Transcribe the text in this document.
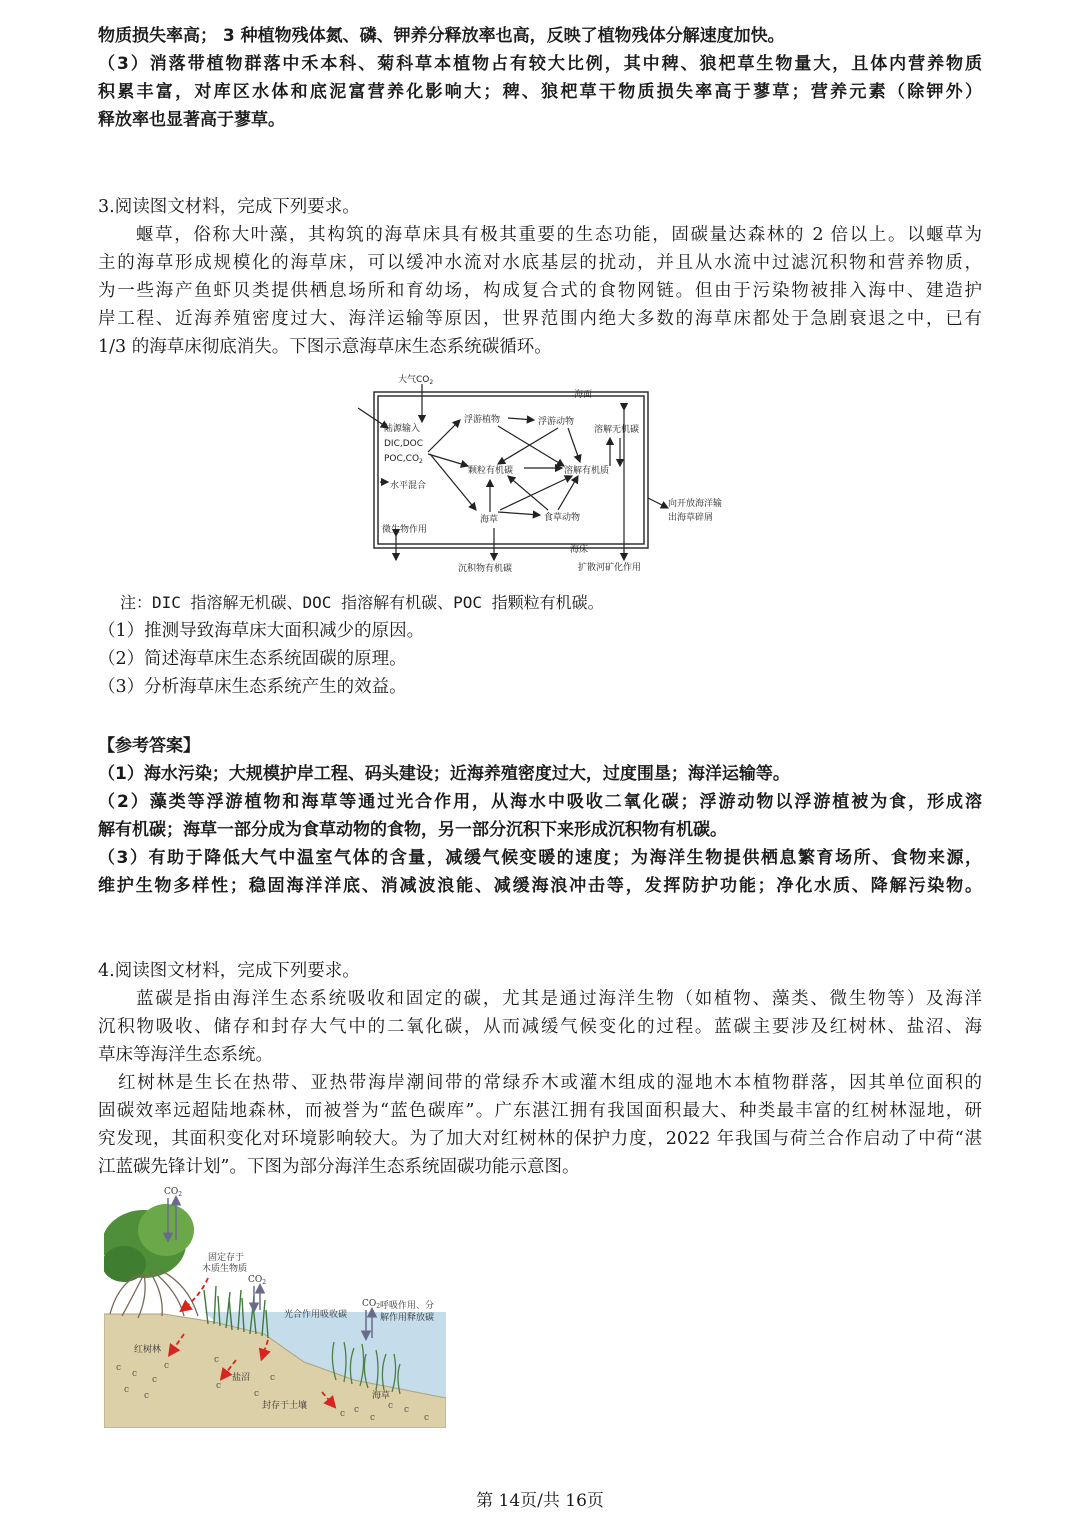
物质损失率高； 3 种植物残体氮、磷、钾养分释放率也高，反映了植物残体分解速度加快。
（3）消落带植物群落中禾本科、菊科草本植物占有较大比例，其中稗、狼杷草生物量大，且体内营养物质
积累丰富，对库区水体和底泥富营养化影响大；稗、狼杷草干物质损失率高于蓼草；营养元素（除钾外）
释放率也显著高于蓼草。
3.阅读图文材料，完成下列要求。
蝘草，俗称大叶藻，其构筑的海草床具有极其重要的生态功能，固碳量达森林的 2 倍以上。以蝘草为
主的海草形成规模化的海草床，可以缓冲水流对水底基层的扰动，并且从水流中过滤沉积物和营养物质，
为一些海产鱼虾贝类提供栖息场所和育幼场，构成复合式的食物网链。但由于污染物被排入海中、建造护
岸工程、近海养殖密度过大、海洋运输等原因，世界范围内绝大多数的海草床都处于急剧衰退之中，已有
1/3 的海草床彻底消失。下图示意海草床生态系统碳循环。
大气$CO_2$
海面
陆源输入
DIC,DOC
$POC,CO_2$
浮游植物	浮游动物
溶解无机碳
颗粒有机碳	溶解有机质
水平混合
海草	食草动物
微生物作用
海床
向开放海洋输
出海草碎屑
沉积物有机碳	扩散河矿化作用
注：DIC 指溶解无机碳、DOC 指溶解有机碳、POC 指颗粒有机碳。
（1）推测导致海草床大面积减少的原因。
（2）简述海草床生态系统固碳的原理。
（3）分析海草床生态系统产生的效益。
【参考答案】
（1）海水污染；大规模护岸工程、码头建设；近海养殖密度过大，过度围垦；海洋运输等。
（2）藻类等浮游植物和海草等通过光合作用，从海水中吸收二氧化碳；浮游动物以浮游植被为食，形成溶
解有机碳；海草一部分成为食草动物的食物，另一部分沉积下来形成沉积物有机碳。
（3）有助于降低大气中温室气体的含量，减缓气候变暖的速度；为海洋生物提供栖息繁育场所、食物来源，
维护生物多样性；稳固海洋洋底、消减波浪能、减缓海浪冲击等，发挥防护功能；净化水质、降解污染物。
4.阅读图文材料，完成下列要求。
蓝碳是指由海洋生态系统吸收和固定的碳，尤其是通过海洋生物（如植物、藻类、微生物等）及海洋
沉积物吸收、储存和封存大气中的二氧化碳，从而减缓气候变化的过程。蓝碳主要涉及红树林、盐沼、海
草床等海洋生态系统。
红树林是生长在热带、亚热带海岸潮间带的常绿乔木或灌木组成的湿地木本植物群落，因其单位面积的
固碳效率远超陆地森林，而被誉为“蓝色碳库”。广东湛江拥有我国面积最大、种类最丰富的红树林湿地，研
究发现，其面积变化对环境影响较大。为了加大对红树林的保护力度，2022 年我国与荷兰合作启动了中荷“湛
江蓝碳先锋计划”。下图为部分海洋生态系统固碳功能示意图。
$CO_2$
$CO_2$
$CO_2$
固定存于
木质生物质
光合作用吸收碳
呼吸作用、分
解作用释放碳
红树林
盐沼
海草
封存于土壤
c
c
c
c
c
c
c
c
c
c
c c
c
c
c
c
第 14页/共 16页
